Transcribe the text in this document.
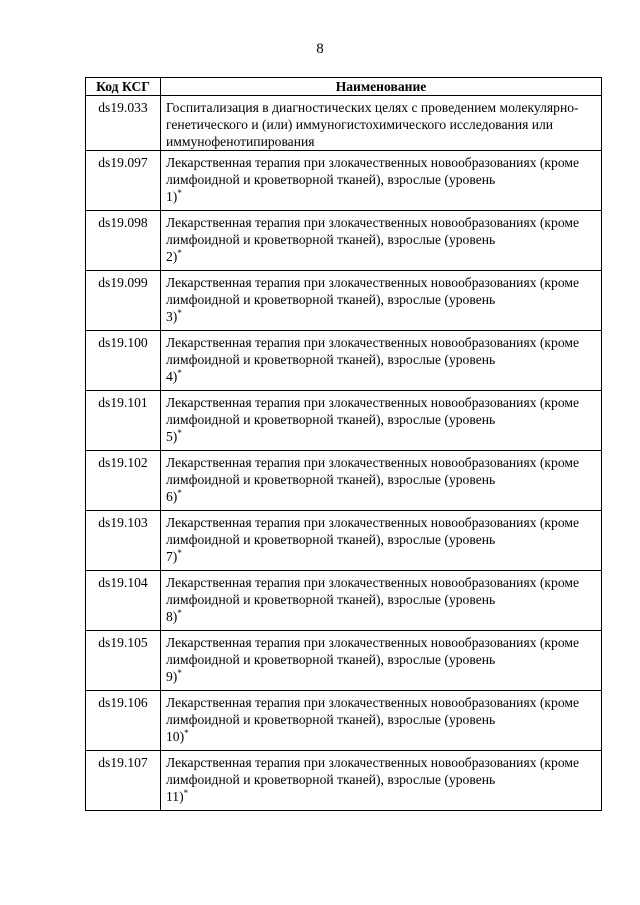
8
Код КСГ	Наименование
ds19.033	Госпитализация в диагностических целях с проведением молекулярно-генетического и (или) иммуногистохимического исследования или иммунофенотипирования
ds19.097	Лекарственная терапия при злокачественных новообразованиях (кроме лимфоидной и кроветворной тканей), взрослые (уровень
1)*
ds19.098	Лекарственная терапия при злокачественных новообразованиях (кроме лимфоидной и кроветворной тканей), взрослые (уровень
2)*
ds19.099	Лекарственная терапия при злокачественных новообразованиях (кроме лимфоидной и кроветворной тканей), взрослые (уровень
3)*
ds19.100	Лекарственная терапия при злокачественных новообразованиях (кроме лимфоидной и кроветворной тканей), взрослые (уровень
4)*
ds19.101	Лекарственная терапия при злокачественных новообразованиях (кроме лимфоидной и кроветворной тканей), взрослые (уровень
5)*
ds19.102	Лекарственная терапия при злокачественных новообразованиях (кроме лимфоидной и кроветворной тканей), взрослые (уровень
6)*
ds19.103	Лекарственная терапия при злокачественных новообразованиях (кроме лимфоидной и кроветворной тканей), взрослые (уровень
7)*
ds19.104	Лекарственная терапия при злокачественных новообразованиях (кроме лимфоидной и кроветворной тканей), взрослые (уровень
8)*
ds19.105	Лекарственная терапия при злокачественных новообразованиях (кроме лимфоидной и кроветворной тканей), взрослые (уровень
9)*
ds19.106	Лекарственная терапия при злокачественных новообразованиях (кроме лимфоидной и кроветворной тканей), взрослые (уровень
10)*
ds19.107	Лекарственная терапия при злокачественных новообразованиях (кроме лимфоидной и кроветворной тканей), взрослые (уровень
11)*
